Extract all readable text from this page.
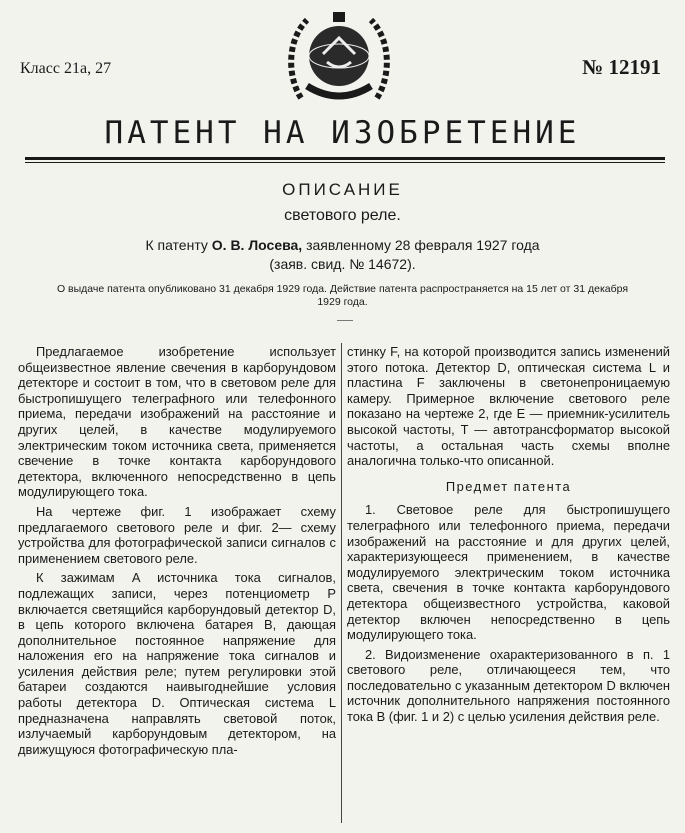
Класс 21а, 27	№ 12191
ПАТЕНТ НА ИЗОБРЕТЕНИЕ
ОПИСАНИЕ
светового реле.
К патенту О. В. Лосева, заявленному 28 февраля 1927 года
(заяв. свид. № 14672).
О выдаче патента опубликовано 31 декабря 1929 года. Действие патента распространяется на 15 лет от 31 декабря 1929 года.

Предлагаемое изобретение использует общеизвестное явление свечения в карборундовом детекторе и состоит в том, что в световом реле для быстропишущего телеграфного или телефонного приема, передачи изображений на расстояние и других целей, в качестве модулируемого электрическим током источника света, применяется свечение в точке контакта карборундового детектора, включенного непосредственно в цепь модулирующего тока.

На чертеже фиг. 1 изображает схему предлагаемого светового реле и фиг. 2— схему устройства для фотографической записи сигналов с применением светового реле.

К зажимам A источника тока сигналов, подлежащих записи, через потенциометр P включается светящийся карборундовый детектор D, в цепь которого включена батарея B, дающая дополнительное постоянное напряжение для наложения его на напряжение тока сигналов и усиления действия реле; путем регулировки этой батареи создаются наивыгоднейшие условия работы детектора D. Оптическая система L предназначена направлять световой поток, излучаемый карборундовым детектором, на движущуюся фотографическую пла-

стинку F, на которой производится запись изменений этого потока. Детектор D, оптическая система L и пластина F заключены в светонепроницаемую камеру. Примерное включение светового реле показано на чертеже 2, где E — приемник-усилитель высокой частоты, T — автотрансформатор высокой частоты, а остальная часть схемы вполне аналогична только-что описанной.

Предмет патента

1. Световое реле для быстропишущего телеграфного или телефонного приема, передачи изображений на расстояние и для других целей, характеризующееся применением, в качестве модулируемого электрическим током источника света, свечения в точке контакта карборундового детектора общеизвестного устройства, каковой детектор включен непосредственно в цепь модулирующего тока.

2. Видоизменение охарактеризованного в п. 1 светового реле, отличающееся тем, что последовательно с указанным детектором D включен источник дополнительного напряжения постоянного тока B (фиг. 1 и 2) с целью усиления действия реле.
